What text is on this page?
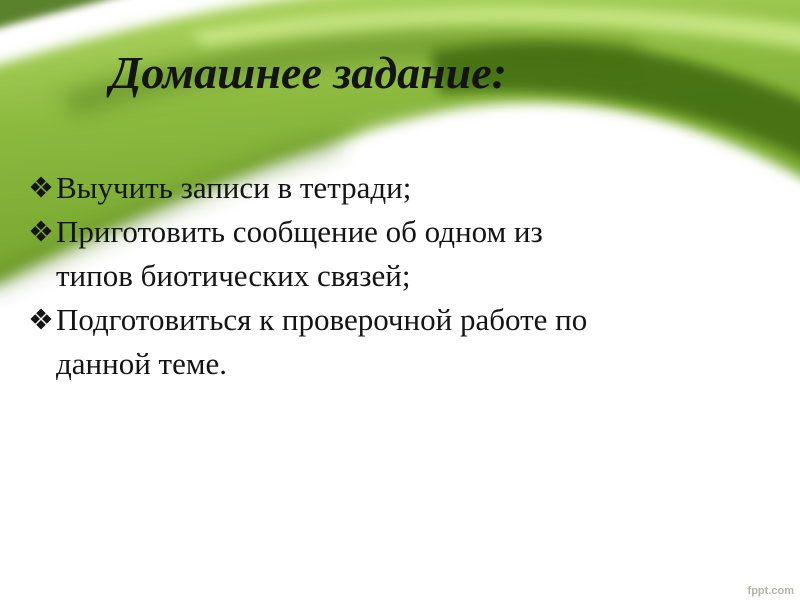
Домашнее задание:
Выучить записи в тетради;
Приготовить сообщение об одном из
типов биотических связей;
Подготовиться к проверочной работе по
данной теме.
fppt.com
